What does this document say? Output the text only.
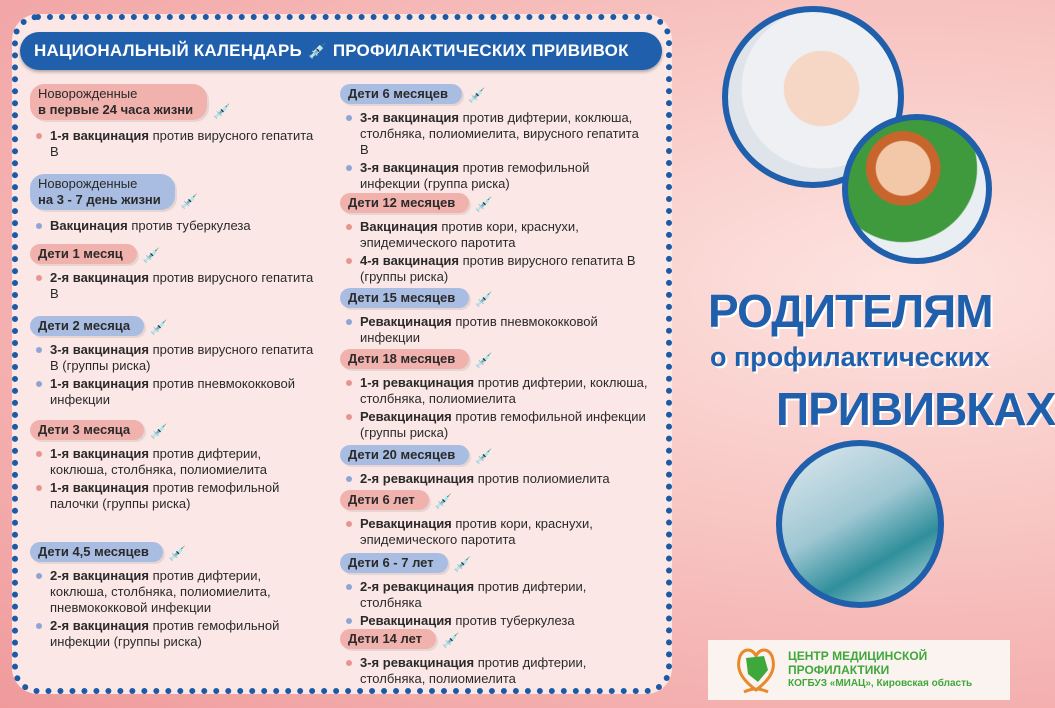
НАЦИОНАЛЬНЫЙ КАЛЕНДАРЬ 💉 ПРОФИЛАКТИЧЕСКИХ ПРИВИВОК
Новорожденные
в первые 24 часа жизни 💉
1-я вакцинация против вирусного гепатита В
Новорожденные
на 3 - 7 день жизни 💉
Вакцинация против туберкулеза
Дети 1 месяц 💉
2-я вакцинация против вирусного гепатита В
Дети 2 месяца 💉
3-я вакцинация против вирусного гепатита В (группы риска)
1-я вакцинация против пневмококковой инфекции
Дети 3 месяца 💉
1-я вакцинация против дифтерии, коклюша, столбняка, полиомиелита
1-я вакцинация против гемофильной палочки (группы риска)
Дети 4,5 месяцев 💉
2-я вакцинация против дифтерии, коклюша, столбняка, полиомиелита, пневмококковой инфекции
2-я вакцинация против гемофильной инфекции (группы риска)
Дети 6 месяцев 💉
3-я вакцинация против дифтерии, коклюша, столбняка, полиомиелита, вирусного гепатита В
3-я вакцинация против гемофильной инфекции (группа риска)
Дети 12 месяцев 💉
Вакцинация против кори, краснухи, эпидемического паротита
4-я вакцинация против вирусного гепатита В (группы риска)
Дети 15 месяцев 💉
Ревакцинация против пневмококковой инфекции
Дети 18 месяцев 💉
1-я ревакцинация против дифтерии, коклюша, столбняка, полиомиелита
Ревакцинация против гемофильной инфекции (группы риска)
Дети 20 месяцев 💉
2-я ревакцинация против полиомиелита
Дети 6 лет 💉
Ревакцинация против кори, краснухи, эпидемического паротита
Дети 6 - 7 лет 💉
2-я ревакцинация против дифтерии, столбняка
Ревакцинация против туберкулеза
Дети 14 лет 💉
3-я ревакцинация против дифтерии, столбняка, полиомиелита
РОДИТЕЛЯМ
о профилактических
ПРИВИВКАХ
ЦЕНТР МЕДИЦИНСКОЙ
ПРОФИЛАКТИКИ
КОГБУЗ «МИАЦ», Кировская область
